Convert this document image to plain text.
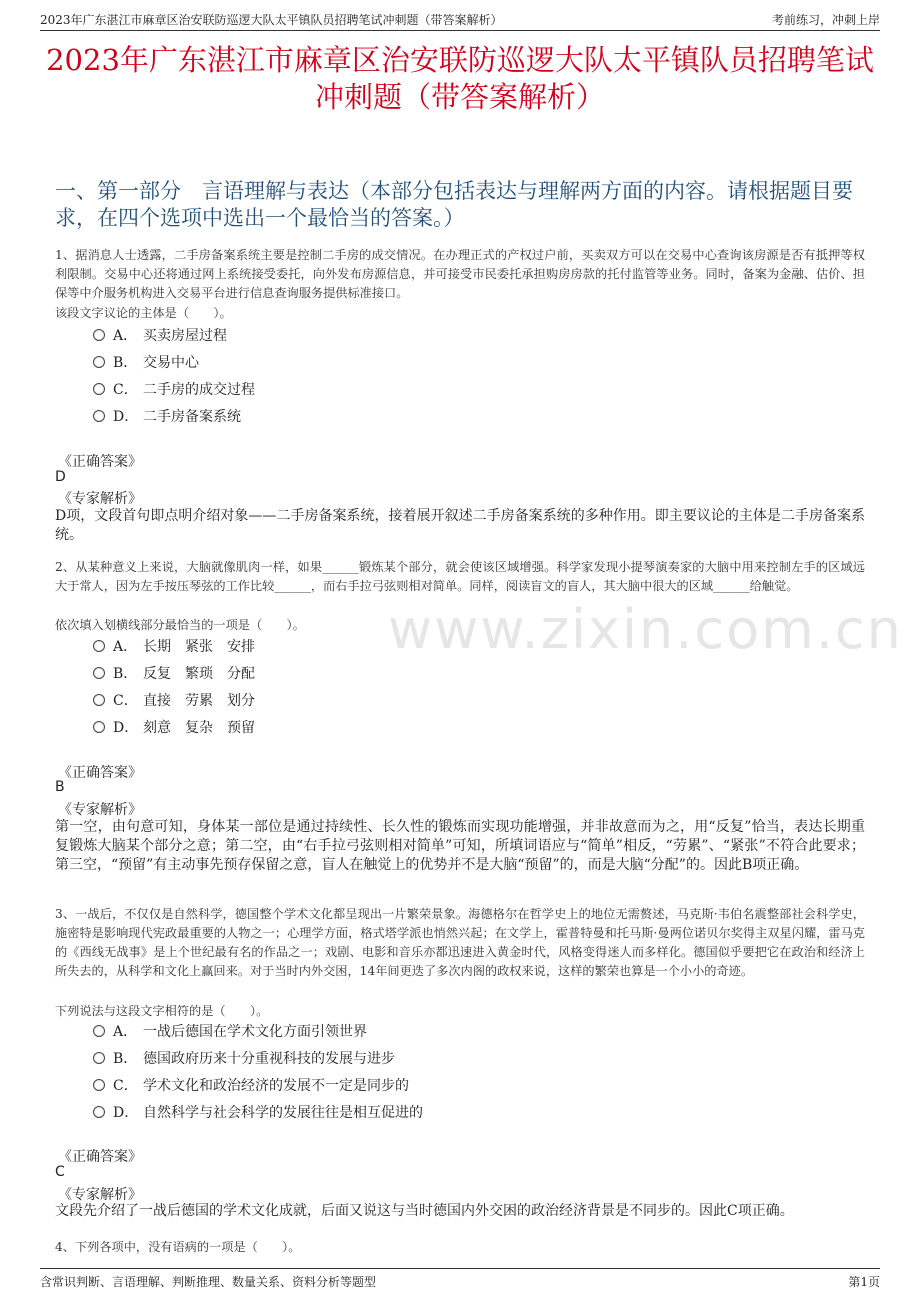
2023年广东湛江市麻章区治安联防巡逻大队太平镇队员招聘笔试冲刺题（带答案解析）	考前练习，冲刺上岸
2023年广东湛江市麻章区治安联防巡逻大队太平镇队员招聘笔试冲刺题（带答案解析）
一、第一部分　言语理解与表达（本部分包括表达与理解两方面的内容。请根据题目要求，在四个选项中选出一个最恰当的答案。）
www.zixin.com.cn
1、据消息人士透露，二手房备案系统主要是控制二手房的成交情况。在办理正式的产权过户前，买卖双方可以在交易中心查询该房源是否有抵押等权利限制。交易中心还将通过网上系统接受委托，向外发布房源信息，并可接受市民委托承担购房房款的托付监管等业务。同时，备案为金融、估价、担保等中介服务机构进入交易平台进行信息查询服务提供标准接口。
该段文字议论的主体是（　　）。
A． 买卖房屋过程
B． 交易中心
C． 二手房的成交过程
D． 二手房备案系统
《正确答案》
D
《专家解析》
D项，文段首句即点明介绍对象——二手房备案系统，接着展开叙述二手房备案系统的多种作用。即主要议论的主体是二手房备案系统。
2、从某种意义上来说，大脑就像肌肉一样，如果______锻炼某个部分，就会使该区域增强。科学家发现小提琴演奏家的大脑中用来控制左手的区域远大于常人，因为左手按压琴弦的工作比较______，而右手拉弓弦则相对简单。同样，阅读盲文的盲人，其大脑中很大的区域______给触觉。
依次填入划横线部分最恰当的一项是（　　）。
A． 长期　紧张　安排
B． 反复　繁琐　分配
C． 直接　劳累　划分
D． 刻意　复杂　预留
《正确答案》
B
《专家解析》
第一空，由句意可知，身体某一部位是通过持续性、长久性的锻炼而实现功能增强，并非故意而为之，用“反复”恰当，表达长期重复锻炼大脑某个部分之意；第二空，由“右手拉弓弦则相对简单”可知，所填词语应与“简单”相反，“劳累”、“紧张”不符合此要求；第三空，“预留”有主动事先预存保留之意，盲人在触觉上的优势并不是大脑“预留”的，而是大脑“分配”的。因此B项正确。
3、一战后，不仅仅是自然科学，德国整个学术文化都呈现出一片繁荣景象。海德格尔在哲学史上的地位无需赘述，马克斯·韦伯名震整部社会科学史，施密特是影响现代宪政最重要的人物之一；心理学方面，格式塔学派也悄然兴起；在文学上，霍普特曼和托马斯·曼两位诺贝尔奖得主双星闪耀，雷马克的《西线无战事》是上个世纪最有名的作品之一；戏剧、电影和音乐亦都迅速进入黄金时代，风格变得迷人而多样化。德国似乎要把它在政治和经济上所失去的，从科学和文化上赢回来。对于当时内外交困，14年间更迭了多次内阁的政权来说，这样的繁荣也算是一个小小的奇迹。
下列说法与这段文字相符的是（　　）。
A． 一战后德国在学术文化方面引领世界
B． 德国政府历来十分重视科技的发展与进步
C． 学术文化和政治经济的发展不一定是同步的
D． 自然科学与社会科学的发展往往是相互促进的
《正确答案》
C
《专家解析》
文段先介绍了一战后德国的学术文化成就，后面又说这与当时德国内外交困的政治经济背景是不同步的。因此C项正确。
4、下列各项中，没有语病的一项是（　　）。
含常识判断、言语理解、判断推理、数量关系、资料分析等题型	第1页
